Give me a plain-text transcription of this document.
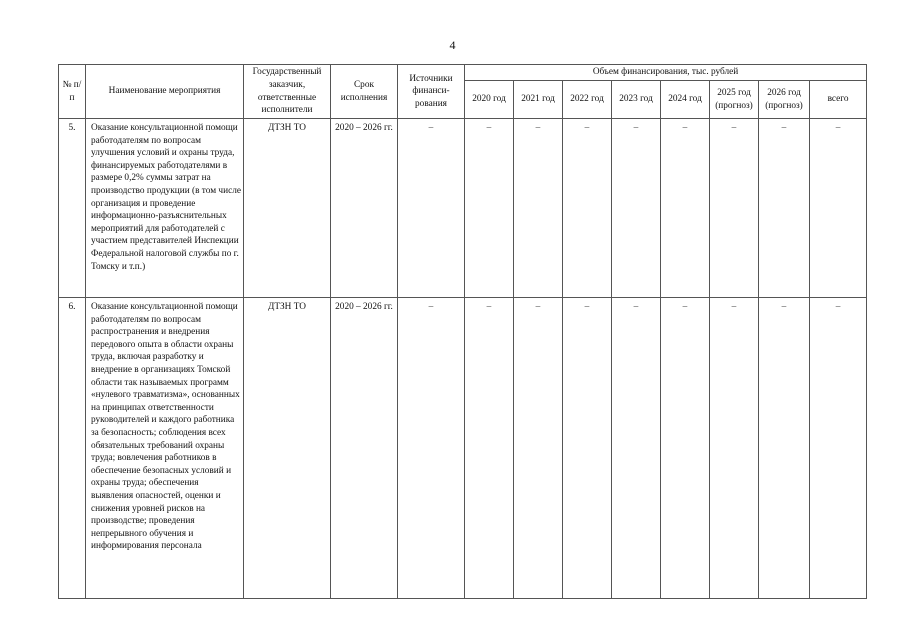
4
№ п/п	Наименование мероприятия	Государственный заказчик, ответственные исполнители	Срок исполнения	Источники финанси-рования	Объем финансирования, тыс. рублей							
					2020 год	2021 год	2022 год	2023 год	2024 год	2025 год (прогноз)	2026 год (прогноз)	всего
5.	Оказание консультационной помощи работодателям по вопросам улучшения условий и охраны труда, финансируемых работодателями в размере 0,2% суммы затрат на производство продукции (в том числе организация и проведение информационно-разъяснительных мероприятий для работодателей с участием представителей Инспекции Федеральной налоговой службы по г. Томску и т.п.)	ДТЗН ТО	2020 – 2026 гг.	–	–	–	–	–	–	–	–	–
6.	Оказание консультационной помощи работодателям по вопросам распространения и внедрения передового опыта в области охраны труда, включая разработку и внедрение в организациях Томской области так называемых программ «нулевого травматизма», основанных на принципах ответственности руководителей и каждого работника за безопасность; соблюдения всех обязательных требований охраны труда; вовлечения работников в обеспечение безопасных условий и охраны труда; обеспечения выявления опасностей, оценки и снижения уровней рисков на производстве; проведения непрерывного обучения и информирования персонала	ДТЗН ТО	2020 – 2026 гг.	–	–	–	–	–	–	–	–	–
